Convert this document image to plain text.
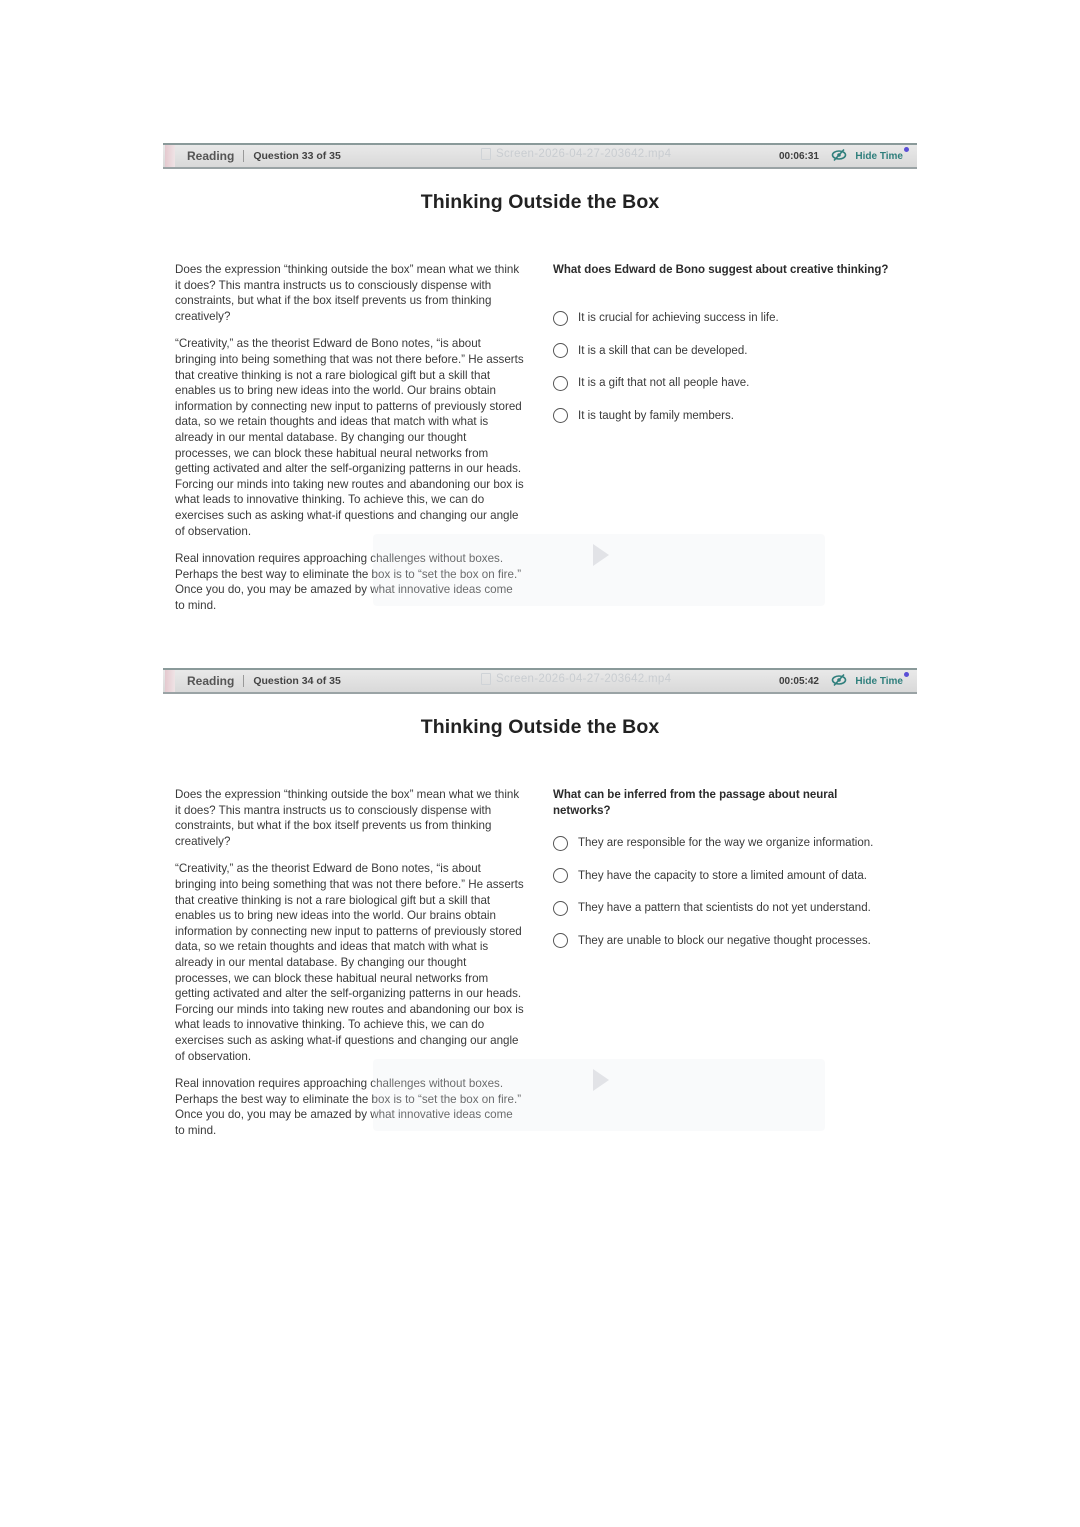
Reading Question 33 of 35	Screen-2026-04-27-203642.mp4	00:06:31	Hide Time
Thinking Outside the Box

Does the expression “thinking outside the box” mean what we think it does? This mantra instructs us to consciously dispense with constraints, but what if the box itself prevents us from thinking creatively?

“Creativity,” as the theorist Edward de Bono notes, “is about bringing into being something that was not there before.” He asserts that creative thinking is not a rare biological gift but a skill that enables us to bring new ideas into the world. Our brains obtain information by connecting new input to patterns of previously stored data, so we retain thoughts and ideas that match with what is already in our mental database. By changing our thought processes, we can block these habitual neural networks from getting activated and alter the self-organizing patterns in our heads. Forcing our minds into taking new routes and abandoning our box is what leads to innovative thinking. To achieve this, we can do exercises such as asking what-if questions and changing our angle of observation.

Real innovation requires approaching challenges without boxes. Perhaps the best way to eliminate the box is to “set the box on fire.” Once you do, you may be amazed by what innovative ideas come to mind.

What does Edward de Bono suggest about creative thinking?
It is crucial for achieving success in life.
It is a skill that can be developed.
It is a gift that not all people have.
It is taught by family members.
Reading Question 34 of 35	Screen-2026-04-27-203642.mp4	00:05:42	Hide Time
Thinking Outside the Box

Does the expression “thinking outside the box” mean what we think it does? This mantra instructs us to consciously dispense with constraints, but what if the box itself prevents us from thinking creatively?

“Creativity,” as the theorist Edward de Bono notes, “is about bringing into being something that was not there before.” He asserts that creative thinking is not a rare biological gift but a skill that enables us to bring new ideas into the world. Our brains obtain information by connecting new input to patterns of previously stored data, so we retain thoughts and ideas that match with what is already in our mental database. By changing our thought processes, we can block these habitual neural networks from getting activated and alter the self-organizing patterns in our heads. Forcing our minds into taking new routes and abandoning our box is what leads to innovative thinking. To achieve this, we can do exercises such as asking what-if questions and changing our angle of observation.

Real innovation requires approaching challenges without boxes. Perhaps the best way to eliminate the box is to “set the box on fire.” Once you do, you may be amazed by what innovative ideas come to mind.

What can be inferred from the passage about neural networks?
They are responsible for the way we organize information.
They have the capacity to store a limited amount of data.
They have a pattern that scientists do not yet understand.
They are unable to block our negative thought processes.
